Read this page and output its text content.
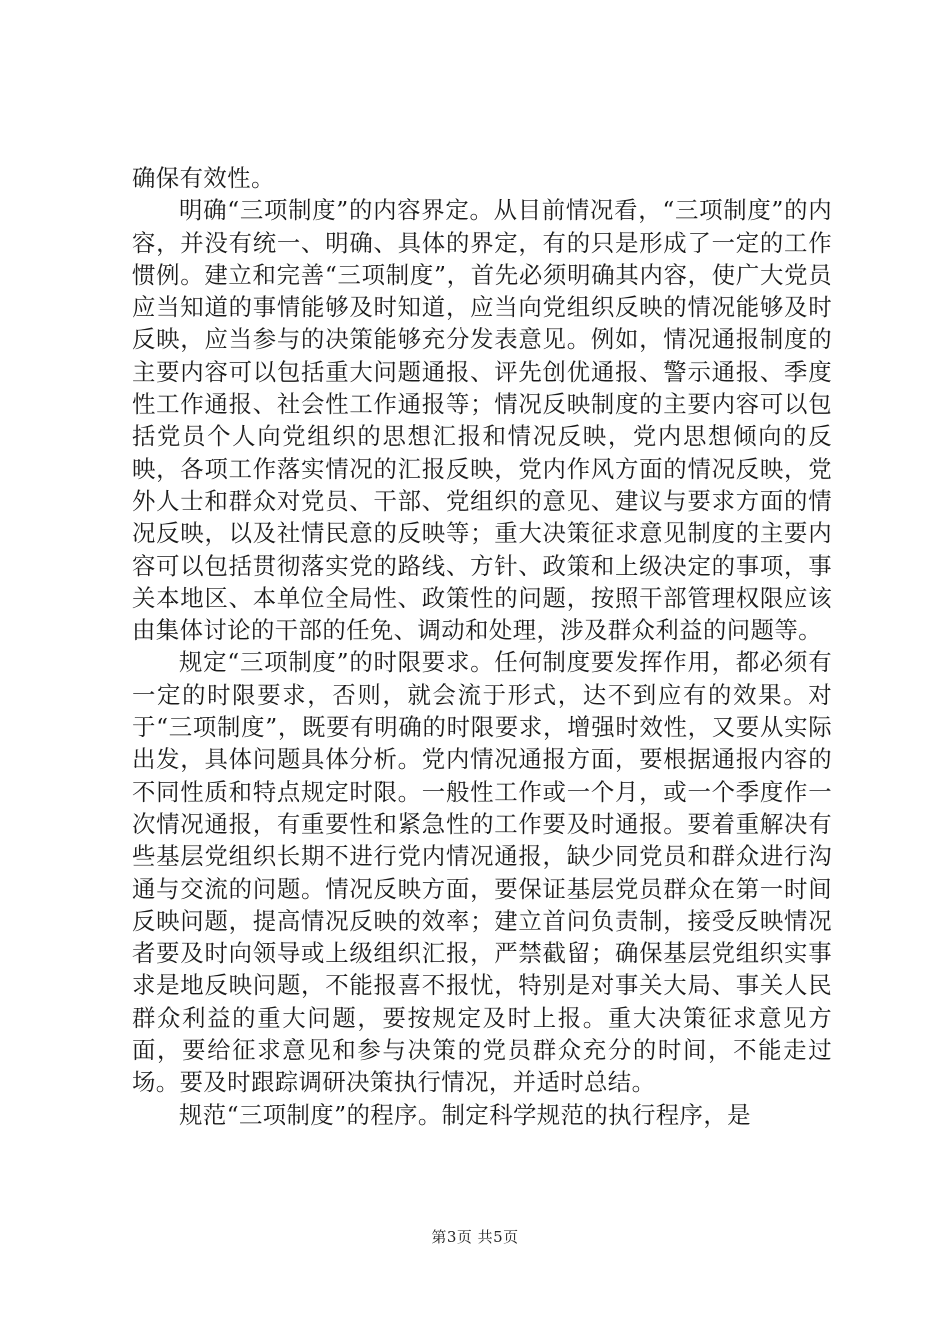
确保有效性。

明确“三项制度”的内容界定。从目前情况看，“三项制度”的内容，并没有统一、明确、具体的界定，有的只是形成了一定的工作惯例。建立和完善“三项制度”，首先必须明确其内容，使广大党员应当知道的事情能够及时知道，应当向党组织反映的情况能够及时反映，应当参与的决策能够充分发表意见。例如，情况通报制度的主要内容可以包括重大问题通报、评先创优通报、警示通报、季度性工作通报、社会性工作通报等；情况反映制度的主要内容可以包括党员个人向党组织的思想汇报和情况反映，党内思想倾向的反映，各项工作落实情况的汇报反映，党内作风方面的情况反映，党外人士和群众对党员、干部、党组织的意见、建议与要求方面的情况反映，以及社情民意的反映等；重大决策征求意见制度的主要内容可以包括贯彻落实党的路线、方针、政策和上级决定的事项，事关本地区、本单位全局性、政策性的问题，按照干部管理权限应该由集体讨论的干部的任免、调动和处理，涉及群众利益的问题等。

规定“三项制度”的时限要求。任何制度要发挥作用，都必须有一定的时限要求，否则，就会流于形式，达不到应有的效果。对于“三项制度”，既要有明确的时限要求，增强时效性，又要从实际出发，具体问题具体分析。党内情况通报方面，要根据通报内容的不同性质和特点规定时限。一般性工作或一个月，或一个季度作一次情况通报，有重要性和紧急性的工作要及时通报。要着重解决有些基层党组织长期不进行党内情况通报，缺少同党员和群众进行沟通与交流的问题。情况反映方面，要保证基层党员群众在第一时间反映问题，提高情况反映的效率；建立首问负责制，接受反映情况者要及时向领导或上级组织汇报，严禁截留；确保基层党组织实事求是地反映问题，不能报喜不报忧，特别是对事关大局、事关人民群众利益的重大问题，要按规定及时上报。重大决策征求意见方面，要给征求意见和参与决策的党员群众充分的时间，不能走过场。要及时跟踪调研决策执行情况，并适时总结。

规范“三项制度”的程序。制定科学规范的执行程序，是

第3页 共5页
